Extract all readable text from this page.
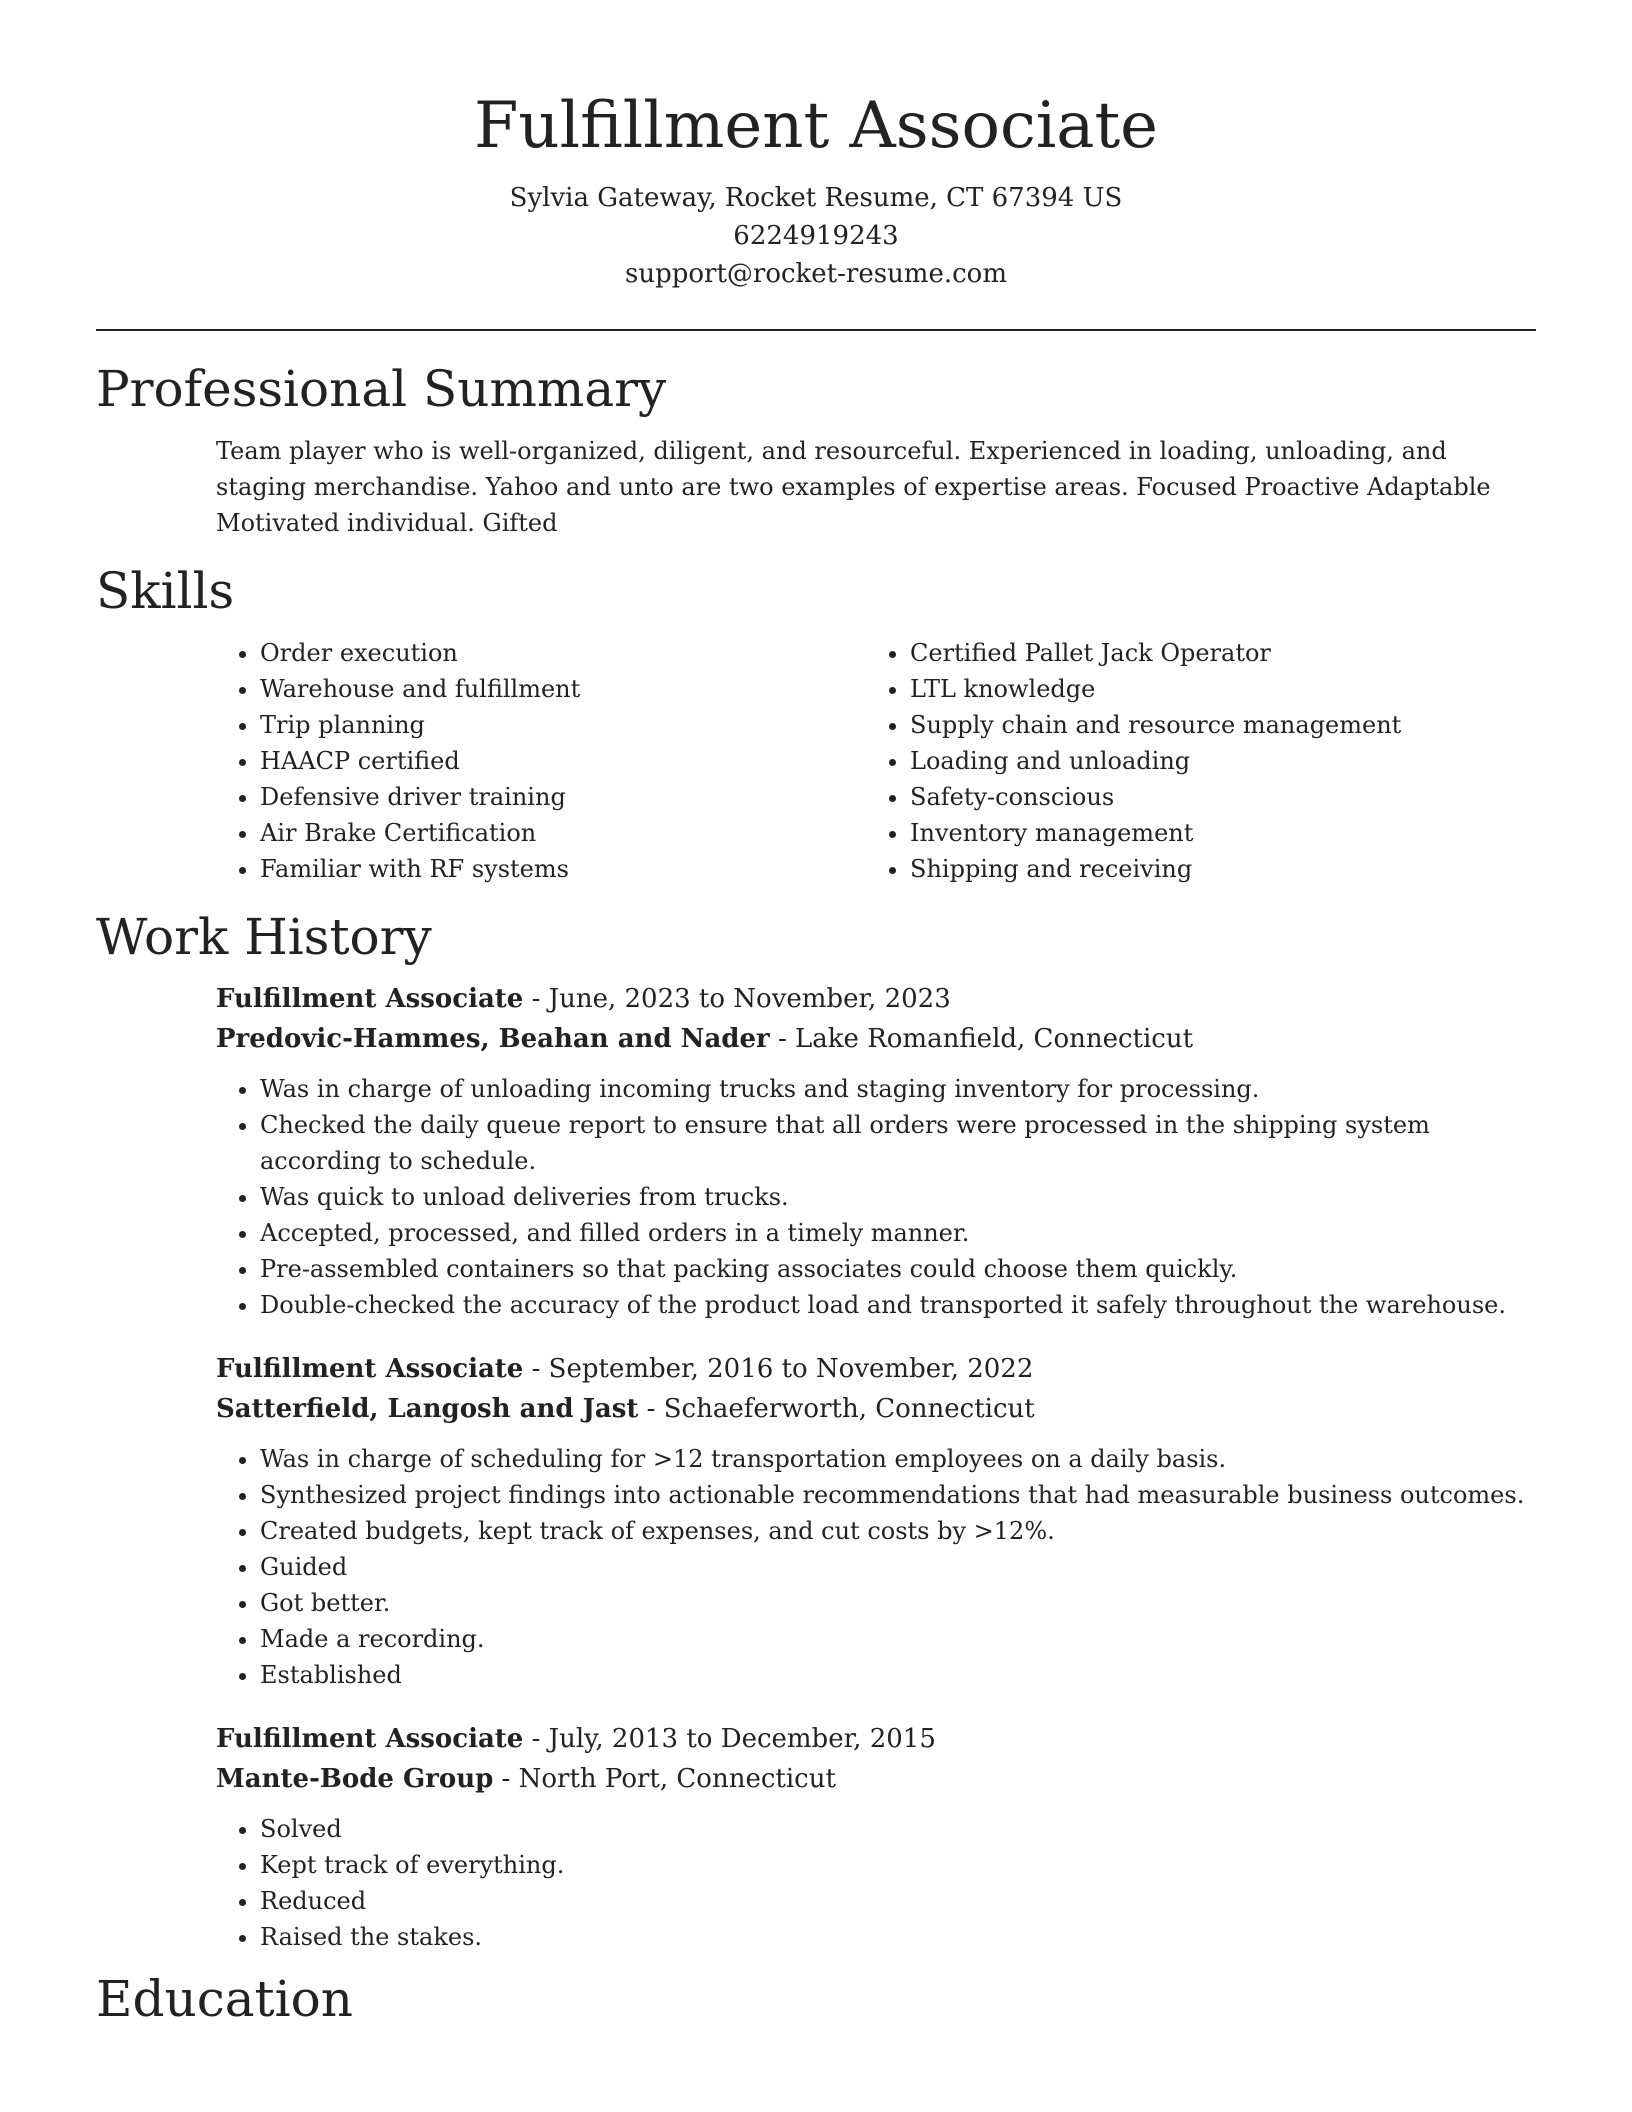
Fulfillment Associate

Sylvia Gateway, Rocket Resume, CT 67394 US

6224919243

support@rocket-resume.com

Professional Summary

Team player who is well-organized, diligent, and resourceful. Experienced in loading, unloading, and staging merchandise. Yahoo and unto are two examples of expertise areas. Focused Proactive Adaptable Motivated individual. Gifted

Skills
• Order execution
• Warehouse and fulfillment
• Trip planning
• HAACP certified
• Defensive driver training
• Air Brake Certification
• Familiar with RF systems
• Certified Pallet Jack Operator
• LTL knowledge
• Supply chain and resource management
• Loading and unloading
• Safety-conscious
• Inventory management
• Shipping and receiving
Work History
Fulfillment Associate - June, 2023 to November, 2023
Predovic-Hammes, Beahan and Nader - Lake Romanfield, Connecticut
• Was in charge of unloading incoming trucks and staging inventory for processing.
• Checked the daily queue report to ensure that all orders were processed in the shipping system according to schedule.
• Was quick to unload deliveries from trucks.
• Accepted, processed, and filled orders in a timely manner.
• Pre-assembled containers so that packing associates could choose them quickly.
• Double-checked the accuracy of the product load and transported it safely throughout the warehouse.
Fulfillment Associate - September, 2016 to November, 2022
Satterfield, Langosh and Jast - Schaeferworth, Connecticut
• Was in charge of scheduling for >12 transportation employees on a daily basis.
• Synthesized project findings into actionable recommendations that had measurable business outcomes.
• Created budgets, kept track of expenses, and cut costs by >12%.
• Guided
• Got better.
• Made a recording.
• Established
Fulfillment Associate - July, 2013 to December, 2015
Mante-Bode Group - North Port, Connecticut
• Solved
• Kept track of everything.
• Reduced
• Raised the stakes.
Education
